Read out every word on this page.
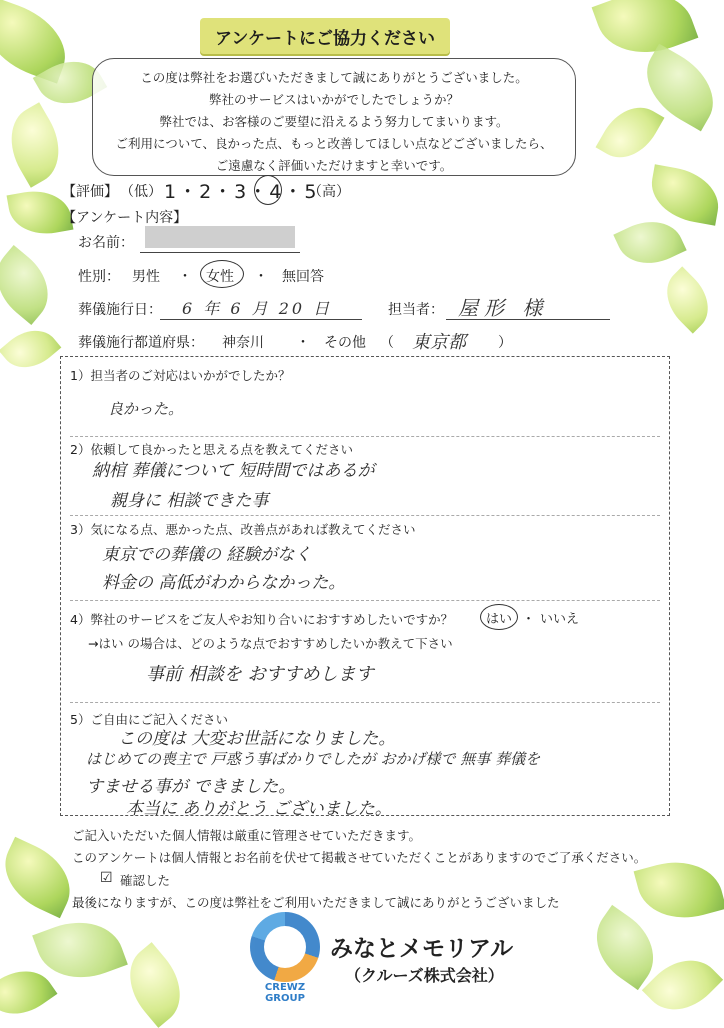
アンケートにご協力ください
この度は弊社をお選びいただきまして誠にありがとうございました。
弊社のサービスはいかがでしたでしょうか？
弊社では、お客様のご要望に沿えるよう努力してまいります。
ご利用について、良かった点、もっと改善してほしい点などございましたら、
ご遠慮なく評価いただけますと幸いです。
【評価】 （低） 1・2・3・4・5
（高）
【アンケート内容】
お名前：
性別： 男性 ・ 女性 ・ 無回答
葬儀施行日： 6 年 6 月 20 日	担当者： 屋形 様
葬儀施行都道府県： 神奈川 ・ その他 （ 東京都 ）
1）担当者のご対応はいかがでしたか？
良かった。
2）依頼して良かったと思える点を教えてください
納棺 葬儀について 短時間ではあるが
親身に 相談できた事
3）気になる点、悪かった点、改善点があれば教えてください
東京での葬儀の 経験がなく
料金の 高低がわからなかった。
4）弊社のサービスをご友人やお知り合いにおすすめしたいですか？	はい ・ いいえ
→はい の場合は、どのような点でおすすめしたいか教えて下さい
事前 相談を おすすめします
5）ご自由にご記入ください
この度は 大変お世話になりました。
はじめての喪主で 戸惑う事ばかりでしたが おかげ様で 無事 葬儀を
すませる事が できました。
本当に ありがとう ございました。
ご記入いただいた個人情報は厳重に管理させていただきます。
このアンケートは個人情報とお名前を伏せて掲載させていただくことがありますのでご了承ください。
☑ 確認した
最後になりますが、この度は弊社をご利用いただきまして誠にありがとうございました
CREWZ
GROUP
みなとメモリアル
（クルーズ株式会社）
